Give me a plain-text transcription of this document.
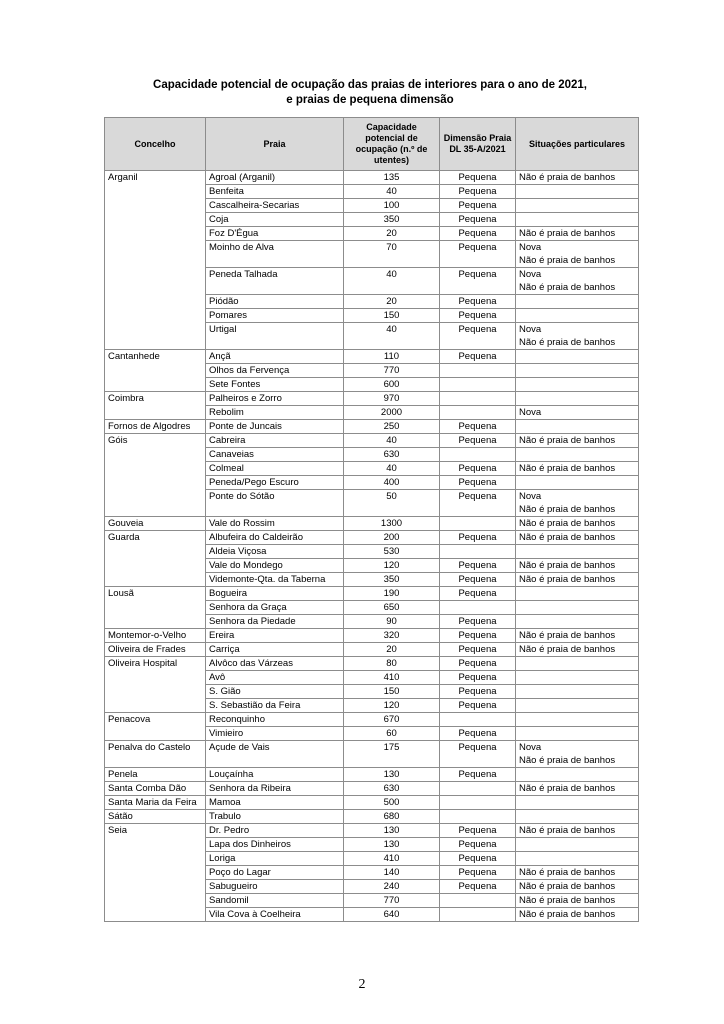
Capacidade potencial de ocupação das praias de interiores para o ano de 2021,
e praias de pequena dimensão
Concelho	Praia	Capacidade potencial de ocupação (n.º de utentes)	Dimensão Praia DL 35-A/2021	Situações particulares
Arganil	Agroal (Arganil)	135	Pequena	Não é praia de banhos

	Benfeita	40	Pequena	
	Cascalheira-Secarias	100	Pequena	
	Coja	350	Pequena	
	Foz D'Égua	20	Pequena	Não é praia de banhos

	Moinho de Alva	70	Pequena	Nova
Não é praia de banhos

	Peneda Talhada	40	Pequena	Nova
Não é praia de banhos

	Piódão	20	Pequena	
	Pomares	150	Pequena	
	Urtigal	40	Pequena	Nova
Não é praia de banhos

Cantanhede	Ançã	110	Pequena	
	Olhos da Fervença	770		
	Sete Fontes	600		
Coimbra	Palheiros e Zorro	970		
	Rebolim	2000		Nova

Fornos de Algodres	Ponte de Juncais	250	Pequena	
Góis	Cabreira	40	Pequena	Não é praia de banhos

	Canaveias	630		
	Colmeal	40	Pequena	Não é praia de banhos

	Peneda/Pego Escuro	400	Pequena	
	Ponte do Sótão	50	Pequena	Nova
Não é praia de banhos

Gouveia	Vale do Rossim	1300		Não é praia de banhos

Guarda	Albufeira do Caldeirão	200	Pequena	Não é praia de banhos

	Aldeia Viçosa	530		
	Vale do Mondego	120	Pequena	Não é praia de banhos

	Videmonte-Qta. da Taberna	350	Pequena	Não é praia de banhos

Lousã	Bogueira	190	Pequena	
	Senhora da Graça	650		
	Senhora da Piedade	90	Pequena	
Montemor-o-Velho	Ereira	320	Pequena	Não é praia de banhos

Oliveira de Frades	Carriça	20	Pequena	Não é praia de banhos

Oliveira Hospital	Alvôco das Várzeas	80	Pequena	
	Avô	410	Pequena	
	S. Gião	150	Pequena	
	S. Sebastião da Feira	120	Pequena	
Penacova	Reconquinho	670		
	Vimieiro	60	Pequena	
Penalva do Castelo	Açude de Vais	175	Pequena	Nova
Não é praia de banhos

Penela	Louçaínha	130	Pequena	
Santa Comba Dão	Senhora da Ribeira	630		Não é praia de banhos

Santa Maria da Feira	Mamoa	500		
Sátão	Trabulo	680		
Seia	Dr. Pedro	130	Pequena	Não é praia de banhos

	Lapa dos Dinheiros	130	Pequena	
	Loriga	410	Pequena	
	Poço do Lagar	140	Pequena	Não é praia de banhos

	Sabugueiro	240	Pequena	Não é praia de banhos

	Sandomil	770		Não é praia de banhos

	Vila Cova à Coelheira	640		Não é praia de banhos
2
